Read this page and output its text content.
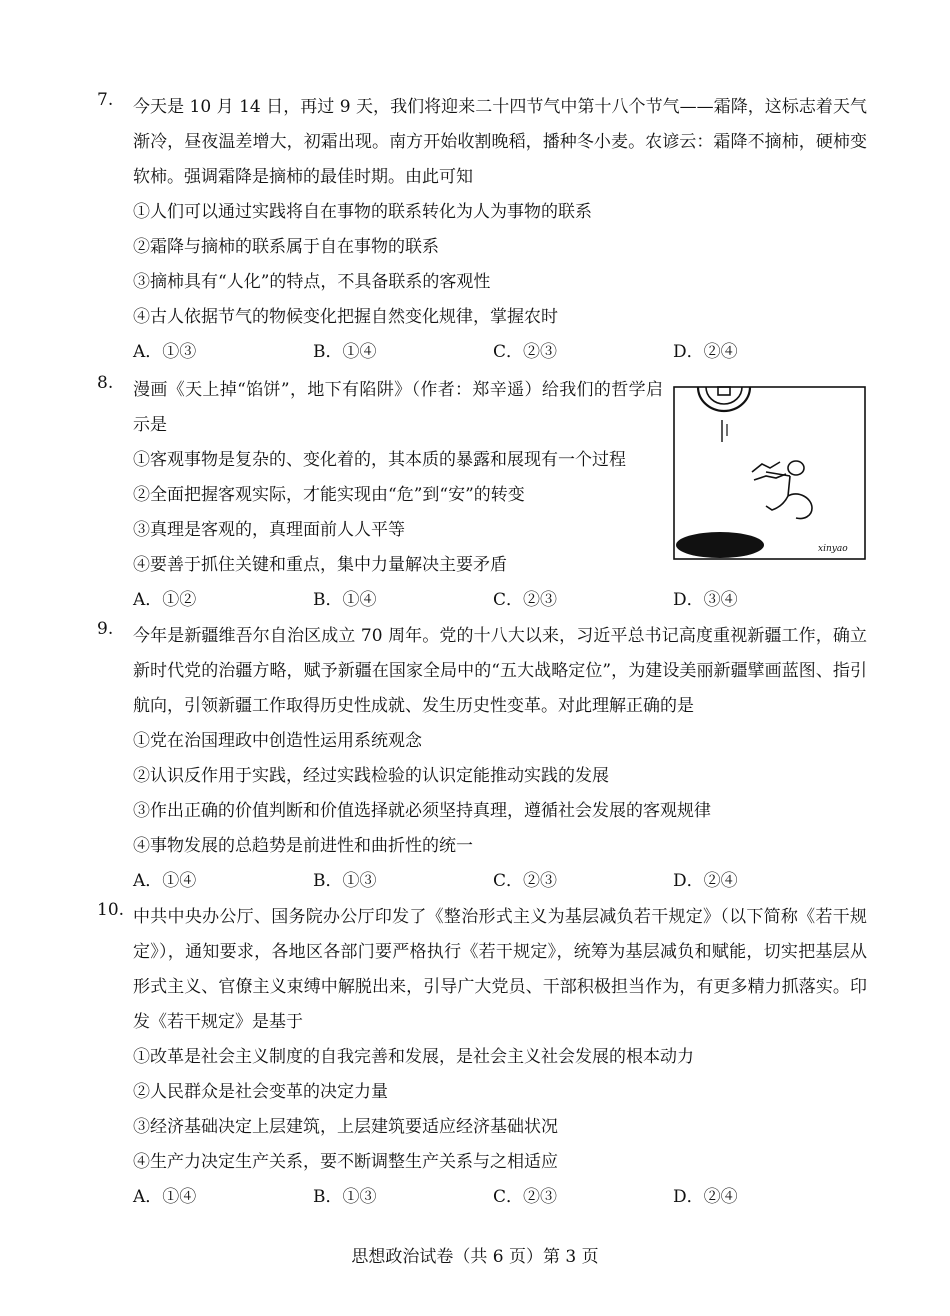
7.	今天是 10 月 14 日，再过 9 天，我们将迎来二十四节气中第十八个节气——霜降，这标志着天气渐冷，昼夜温差增大，初霜出现。南方开始收割晚稻，播种冬小麦。农谚云：霜降不摘柿，硬柿变软柿。强调霜降是摘柿的最佳时期。由此可知
①人们可以通过实践将自在事物的联系转化为人为事物的联系
②霜降与摘柿的联系属于自在事物的联系
③摘柿具有“人化”的特点，不具备联系的客观性
④古人依据节气的物候变化把握自然变化规律，掌握农时
A．①③	B．①④	C．②③	D．②④
8.	漫画《天上掉“馅饼”，地下有陷阱》（作者：郑辛遥）给我们的哲学启示是
①客观事物是复杂的、变化着的，其本质的暴露和展现有一个过程
②全面把握客观实际，才能实现由“危”到“安”的转变
③真理是客观的，真理面前人人平等
④要善于抓住关键和重点，集中力量解决主要矛盾
A．①②	B．①④	C．②③	D．③④
xinyao
9.	今年是新疆维吾尔自治区成立 70 周年。党的十八大以来，习近平总书记高度重视新疆工作，确立新时代党的治疆方略，赋予新疆在国家全局中的“五大战略定位”，为建设美丽新疆擘画蓝图、指引航向，引领新疆工作取得历史性成就、发生历史性变革。对此理解正确的是
①党在治国理政中创造性运用系统观念
②认识反作用于实践，经过实践检验的认识定能推动实践的发展
③作出正确的价值判断和价值选择就必须坚持真理，遵循社会发展的客观规律
④事物发展的总趋势是前进性和曲折性的统一
A．①④	B．①③	C．②③	D．②④
10. 中共中央办公厅、国务院办公厅印发了《整治形式主义为基层减负若干规定》（以下简称《若干规定》），通知要求，各地区各部门要严格执行《若干规定》，统筹为基层减负和赋能，切实把基层从形式主义、官僚主义束缚中解脱出来，引导广大党员、干部积极担当作为，有更多精力抓落实。印发《若干规定》是基于
①改革是社会主义制度的自我完善和发展，是社会主义社会发展的根本动力
②人民群众是社会变革的决定力量
③经济基础决定上层建筑，上层建筑要适应经济基础状况
④生产力决定生产关系，要不断调整生产关系与之相适应
A．①④	B．①③	C．②③	D．②④
思想政治试卷（共 6 页）第 3 页
